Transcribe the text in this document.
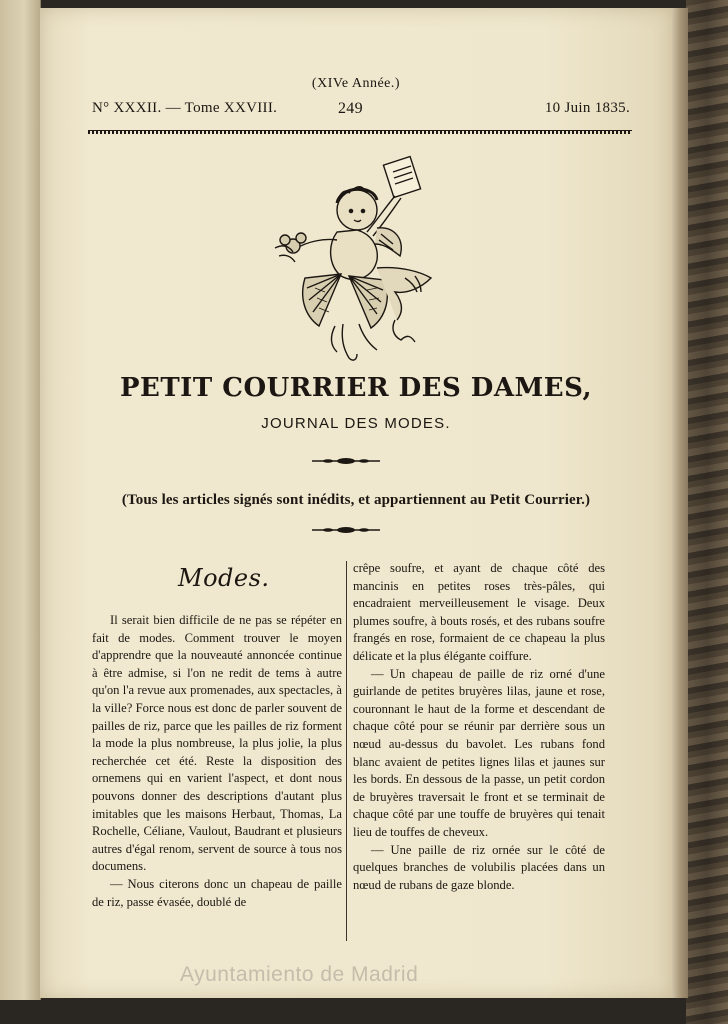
(XIVe Année.)
N° XXXII. — Tome XXVIII.	249	10 Juin 1835.
PETIT COURRIER DES DAMES,
JOURNAL DES MODES.
(Tous les articles signés sont inédits, et appartiennent au Petit Courrier.)
Modes.

Il serait bien difficile de ne pas se répéter en fait de modes. Comment trouver le moyen d'apprendre que la nouveauté annoncée continue à être admise, si l'on ne redit de tems à autre qu'on l'a revue aux promenades, aux spectacles, à la ville? Force nous est donc de parler souvent de pailles de riz, parce que les pailles de riz forment la mode la plus nombreuse, la plus jolie, la plus recherchée cet été. Reste la disposition des ornemens qui en varient l'aspect, et dont nous pouvons donner des descriptions d'autant plus imitables que les maisons Herbaut, Thomas, La Rochelle, Céliane, Vaulout, Baudrant et plusieurs autres d'égal renom, servent de source à tous nos documens.

— Nous citerons donc un chapeau de paille de riz, passe évasée, doublé de

crêpe soufre, et ayant de chaque côté des mancinis en petites roses très-pâles, qui encadraient merveilleusement le visage. Deux plumes soufre, à bouts rosés, et des rubans soufre frangés en rose, formaient de ce chapeau la plus délicate et la plus élégante coiffure.

— Un chapeau de paille de riz orné d'une guirlande de petites bruyères lilas, jaune et rose, couronnant le haut de la forme et descendant de chaque côté pour se réunir par derrière sous un nœud au-dessus du bavolet. Les rubans fond blanc avaient de petites lignes lilas et jaunes sur les bords. En dessous de la passe, un petit cordon de bruyères traversait le front et se terminait de chaque côté par une touffe de bruyères qui tenait lieu de touffes de cheveux.

— Une paille de riz ornée sur le côté de quelques branches de volubilis placées dans un nœud de rubans de gaze blonde.

Ayuntamiento de Madrid
